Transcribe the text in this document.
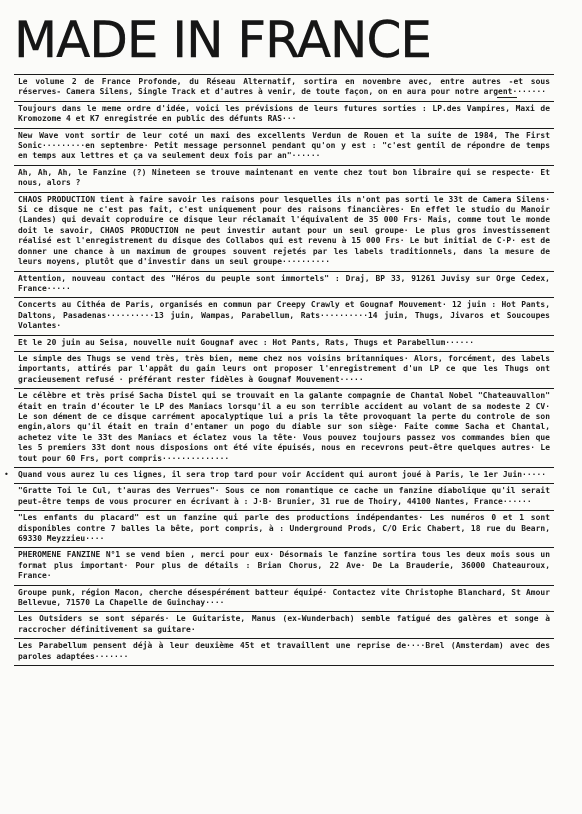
MADE IN FRANCE
•

Le volume 2 de France Profonde, du Réseau Alternatif, sortira en novembre avec, entre autres -et sous réserves- Camera Silens, Single Track et d'autres à venir, de toute façon, on en aura pour notre argent·······

Toujours dans le meme ordre d'idée, voici les prévisions de leurs futures sorties : LP.des Vampires, Maxi de Kromozome 4 et K7 enregistrée en public des défunts RAS···

New Wave vont sortir de leur coté un maxi des excellents Verdun de Rouen et la suite de 1984, The First Sonic·········en septembre· Petit message personnel pendant qu'on y est : "c'est gentil de répondre de temps en temps aux lettres et ça va seulement deux fois par an"······

Ah, Ah, Ah, le Fanzine (?) Nineteen se trouve maintenant en vente chez tout bon libraire qui se respecte· Et nous, alors ?

CHAOS PRODUCTION tient à faire savoir les raisons pour lesquelles ils n'ont pas sorti le 33t de Camera Silens· Si ce disque ne c'est pas fait, c'est uniquement pour des raisons financières· En effet le studio du Manoir (Landes) qui devait coproduire ce disque leur réclamait l'équivalent de 35 000 Frs· Mais, comme tout le monde doit le savoir, CHAOS PRODUCTION ne peut investir autant pour un seul groupe· Le plus gros investissement réalisé est l'enregistrement du disque des Collabos qui est revenu à 15 000 Frs· Le but initial de C·P· est de donner une chance à un maximum de groupes souvent rejetés par les labels traditionnels, dans la mesure de leurs moyens, plutôt que d'investir dans un seul groupe··········

Attention, nouveau contact des "Héros du peuple sont immortels" : Draj, BP 33, 91261 Juvisy sur Orge Cedex, France·····

Concerts au Cithéa de Paris, organisés en commun par Creepy Crawly et Gougnaf Mouvement· 12 juin : Hot Pants, Daltons, Pasadenas··········13 juin, Wampas, Parabellum, Rats··········14 juin, Thugs, Jivaros et Soucoupes Volantes·

Et le 20 juin au Seisa, nouvelle nuit Gougnaf avec : Hot Pants, Rats, Thugs et Parabellum······

Le simple des Thugs se vend très, très bien, meme chez nos voisins britanniques· Alors, forcément, des labels importants, attirés par l'appât du gain leurs ont proposer l'enregistrement d'un LP ce que les Thugs ont gracieusement refusé · préférant rester fidèles à Gougnaf Mouvement·····

Le célèbre et très prisé Sacha Distel qui se trouvait en la galante compagnie de Chantal Nobel "Chateauvallon" était en train d'écouter le LP des Maniacs lorsqu'il a eu son terrible accident au volant de sa modeste 2 CV· Le son dément de ce disque carrément apocalyptique lui a pris la tête provoquant la perte du controle de son engin,alors qu'il était en train d'entamer un pogo du diable sur son siège· Faite comme Sacha et Chantal, achetez vite le 33t des Maniacs et éclatez vous la tête· Vous pouvez toujours passez vos commandes bien que les 5 premiers 33t dont nous disposions ont été vite épuisés, nous en recevrons peut-être quelques autres· Le tout pour 60 Frs, port compris··············

Quand vous aurez lu ces lignes, il sera trop tard pour voir Accident qui auront joué à Paris, le 1er Juin·····

"Gratte Toi le Cul, t'auras des Verrues"· Sous ce nom romantique ce cache un fanzine diabolique qu'il serait peut-être temps de vous procurer en écrivant à : J·B· Brunier, 31 rue de Thoiry, 44100 Nantes, France······

"Les enfants du placard" est un fanzine qui parle des productions indépendantes· Les numéros 0 et 1 sont disponibles contre 7 balles la bête, port compris, à : Underground Prods, C/O Eric Chabert, 18 rue du Bearn, 69330 Meyzzieu····

PHEROMENE FANZINE N°1 se vend bien , merci pour eux· Désormais le fanzine sortira tous les deux mois sous un format plus important· Pour plus de détails : Brian Chorus, 22 Ave· De La Brauderie, 36000 Chateauroux, France·

Groupe punk, région Macon, cherche désespérément batteur équipé· Contactez vite Christophe Blanchard, St Amour Bellevue, 71570 La Chapelle de Guinchay····

Les Outsiders se sont séparés· Le Guitariste, Manus (ex-Wunderbach) semble fatigué des galères et songe à raccrocher définitivement sa guitare·

Les Parabellum pensent déjà à leur deuxième 45t et travaillent une reprise de····Brel (Amsterdam) avec des paroles adaptées·······
